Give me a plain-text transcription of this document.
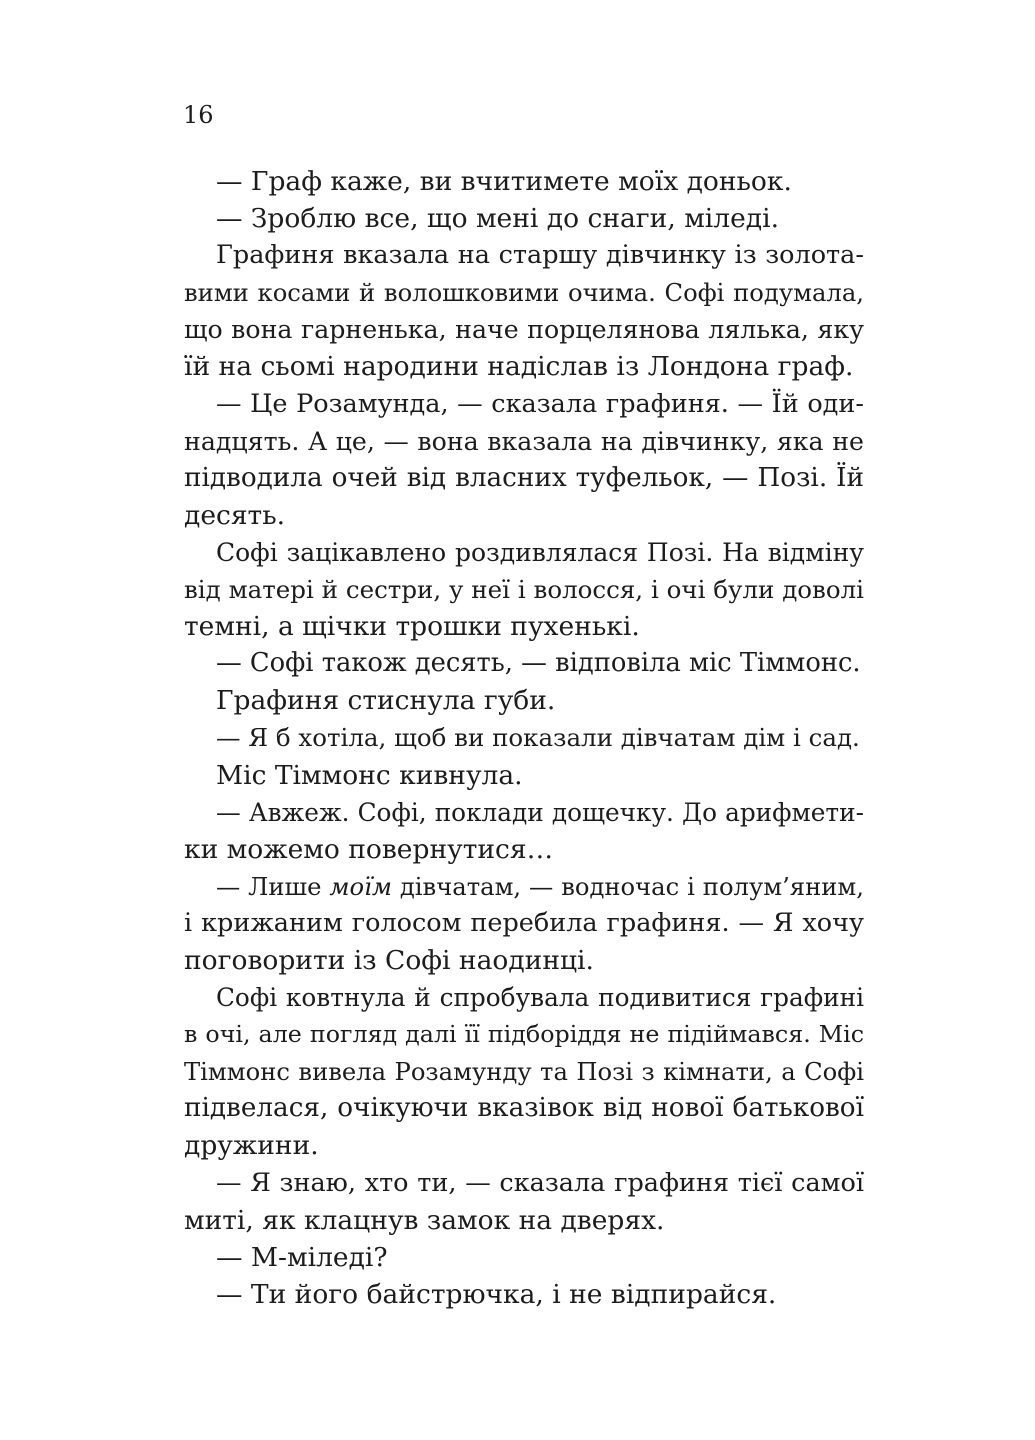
16
— Граф каже, ви вчитимете моїх доньок.
— Зроблю все, що мені до снаги, міледі.
Графиня вказала на старшу дівчинку із золота-
вими косами й волошковими очима. Софі подумала,
що вона гарненька, наче порцелянова лялька, яку
їй на сьомі народини надіслав із Лондона граф.
— Це Розамунда, — сказала графиня. — Їй оди-
надцять. А це, — вона вказала на дівчинку, яка не
підводила очей від власних туфельок, — Позі. Їй
десять.
Софі зацікавлено роздивлялася Позі. На відміну
від матері й сестри, у неї і волосся, і очі були доволі
темні, а щічки трошки пухенькі.
— Софі також десять, — відповіла міс Тіммонс.
Графиня стиснула губи.
— Я б хотіла, щоб ви показали дівчатам дім і сад.
Міс Тіммонс кивнула.
— Авжеж. Софі, поклади дощечку. До арифмети-
ки можемо повернутися…
— Лише моїм дівчатам, — водночас і полум’яним,
і крижаним голосом перебила графиня. — Я хочу
поговорити із Софі наодинці.
Софі ковтнула й спробувала подивитися графині
в очі, але погляд далі її підборіддя не підіймався. Міс
Тіммонс вивела Розамунду та Позі з кімнати, а Софі
підвелася, очікуючи вказівок від нової батькової
дружини.
— Я знаю, хто ти, — сказала графиня тієї самої
миті, як клацнув замок на дверях.
— М-міледі?
— Ти його байстрючка, і не відпирайся.
